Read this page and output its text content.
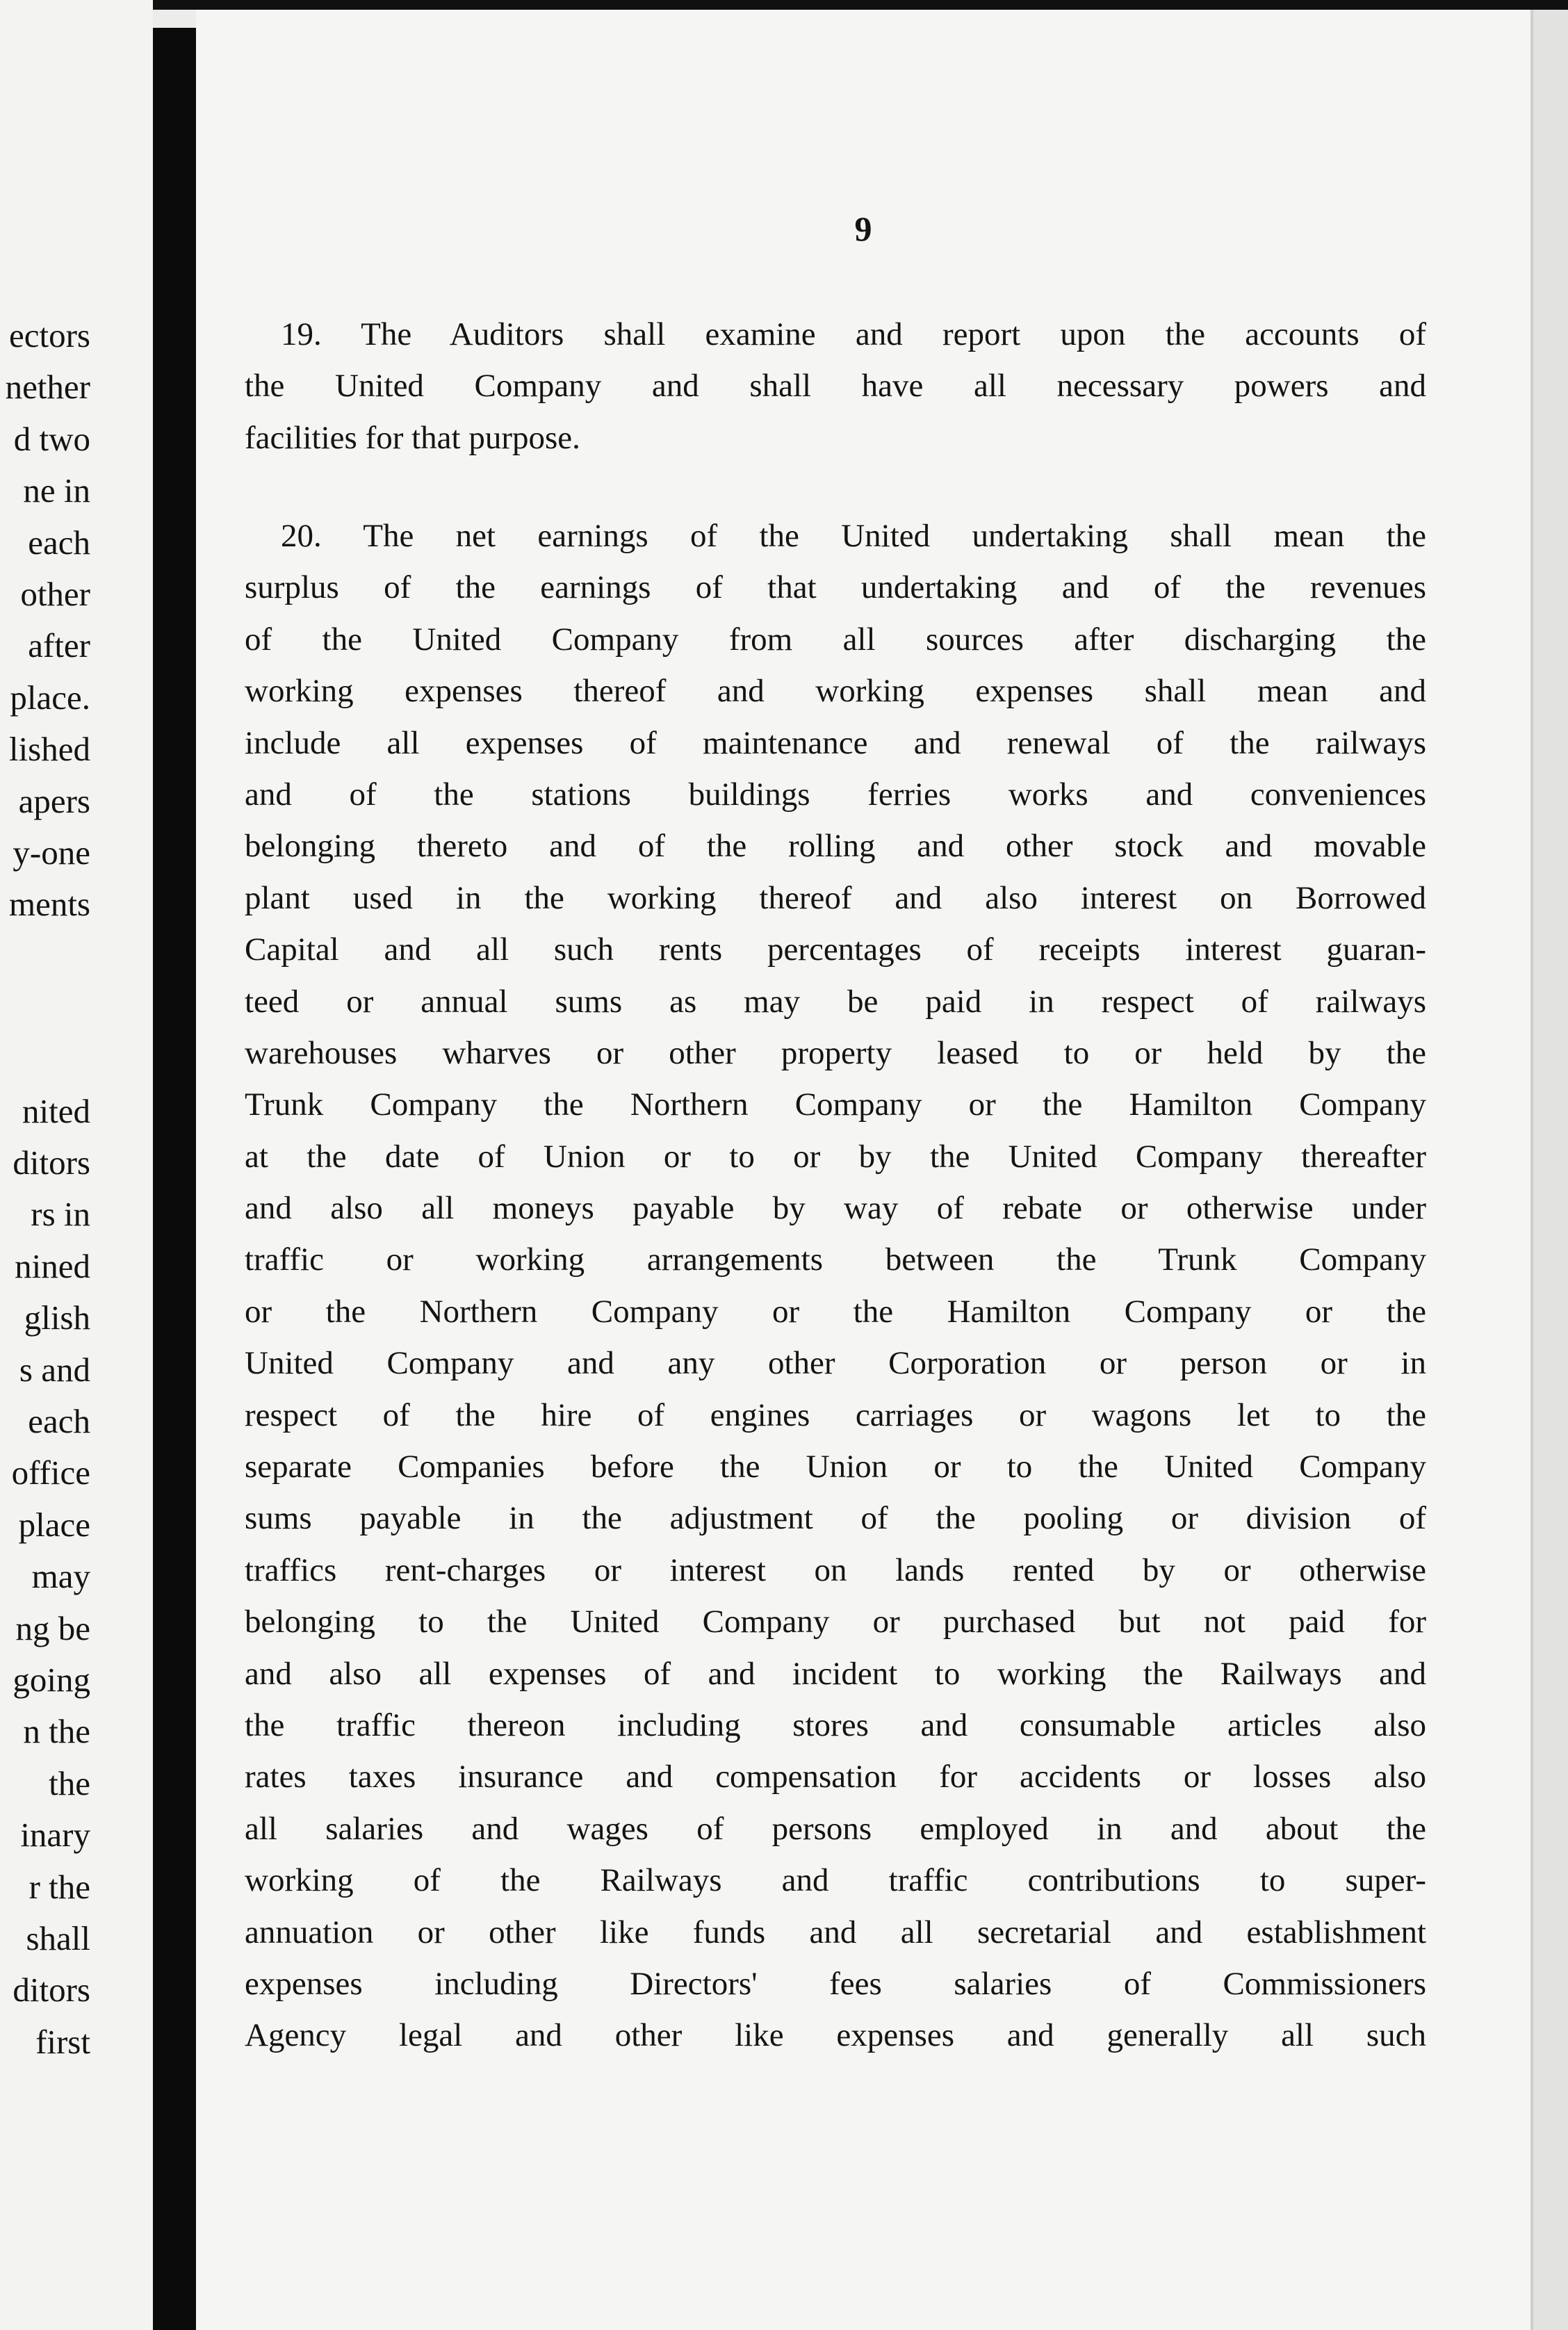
ectors
nether
d two
ne in
each
other
after
place.
lished
apers
y-one
ments
nited
ditors
rs in
nined
glish
s and
each
office
place
may
ng be
going
n the
the
inary
r the
shall
ditors
first
9
19. The Auditors shall examine and report upon the accounts of
the United Company and shall have all necessary powers and
facilities for that purpose.
20. The net earnings of the United undertaking shall mean the
surplus of the earnings of that undertaking and of the revenues
of the United Company from all sources after discharging the
working expenses thereof and working expenses shall mean and
include all expenses of maintenance and renewal of the railways
and of the stations buildings ferries works and conveniences
belonging thereto and of the rolling and other stock and movable
plant used in the working thereof and also interest on Borrowed
Capital and all such rents percentages of receipts interest guaran-
teed or annual sums as may be paid in respect of railways
warehouses wharves or other property leased to or held by the
Trunk Company the Northern Company or the Hamilton Company
at the date of Union or to or by the United Company thereafter
and also all moneys payable by way of rebate or otherwise under
traffic or working arrangements between the Trunk Company
or the Northern Company or the Hamilton Company or the
United Company and any other Corporation or person or in
respect of the hire of engines carriages or wagons let to the
separate Companies before the Union or to the United Company
sums payable in the adjustment of the pooling or division of
traffics rent-charges or interest on lands rented by or otherwise
belonging to the United Company or purchased but not paid for
and also all expenses of and incident to working the Railways and
the traffic thereon including stores and consumable articles also
rates taxes insurance and compensation for accidents or losses also
all salaries and wages of persons employed in and about the
working of the Railways and traffic contributions to super-
annuation or other like funds and all secretarial and establishment
expenses including Directors' fees salaries of Commissioners
Agency legal and other like expenses and generally all such
